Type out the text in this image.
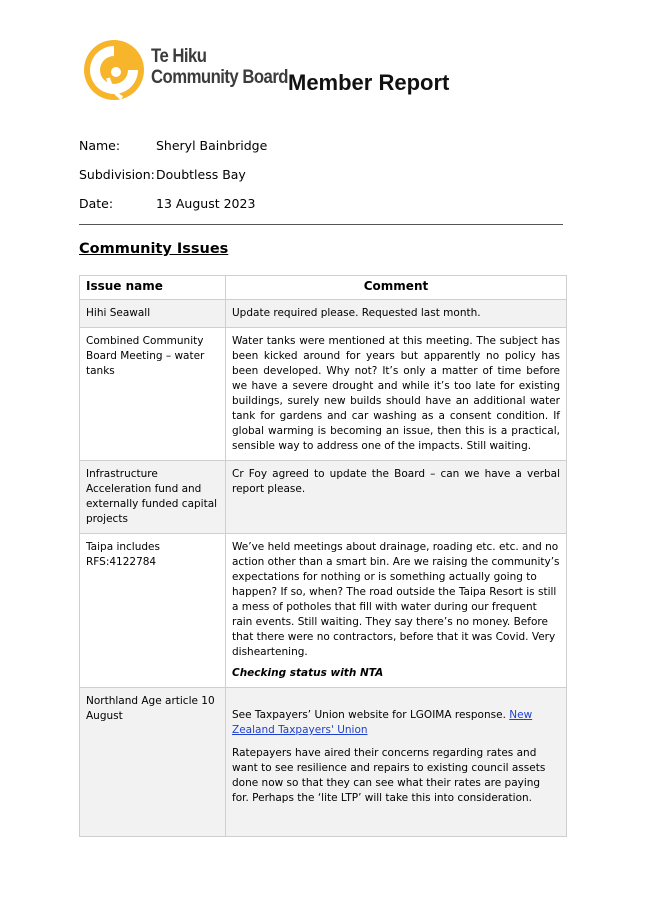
Te Hiku
Community Board Member Report
Name:	Sheryl Bainbridge
Subdivision: Doubtless Bay
Date:	13 August 2023
Community Issues
Issue name	Comment
Hihi Seawall	Update required please. Requested last month.
Combined Community Board Meeting – water tanks	Water tanks were mentioned at this meeting. The subject has been kicked around for years but apparently no policy has been developed. Why not? It’s only a matter of time before we have a severe drought and while it’s too late for existing buildings, surely new builds should have an additional water tank for gardens and car washing as a consent condition. If global warming is becoming an issue, then this is a practical, sensible way to address one of the impacts. Still waiting.
Infrastructure Acceleration fund and externally funded capital projects	Cr Foy agreed to update the Board – can we have a verbal report please.
Taipa includes RFS:4122784	We’ve held meetings about drainage, roading etc. etc. and no action other than a smart bin. Are we raising the community’s expectations for nothing or is something actually going to happen? If so, when? The road outside the Taipa Resort is still a mess of potholes that fill with water during our frequent rain events. Still waiting. They say there’s no money. Before that there were no contractors, before that it was Covid. Very disheartening.

Checking status with NTA

Northland Age article 10 August	See Taxpayers’ Union website for LGOIMA response. New Zealand Taxpayers' Union

Ratepayers have aired their concerns regarding rates and want to see resilience and repairs to existing council assets done now so that they can see what their rates are paying for. Perhaps the ‘lite LTP’ will take this into consideration.
